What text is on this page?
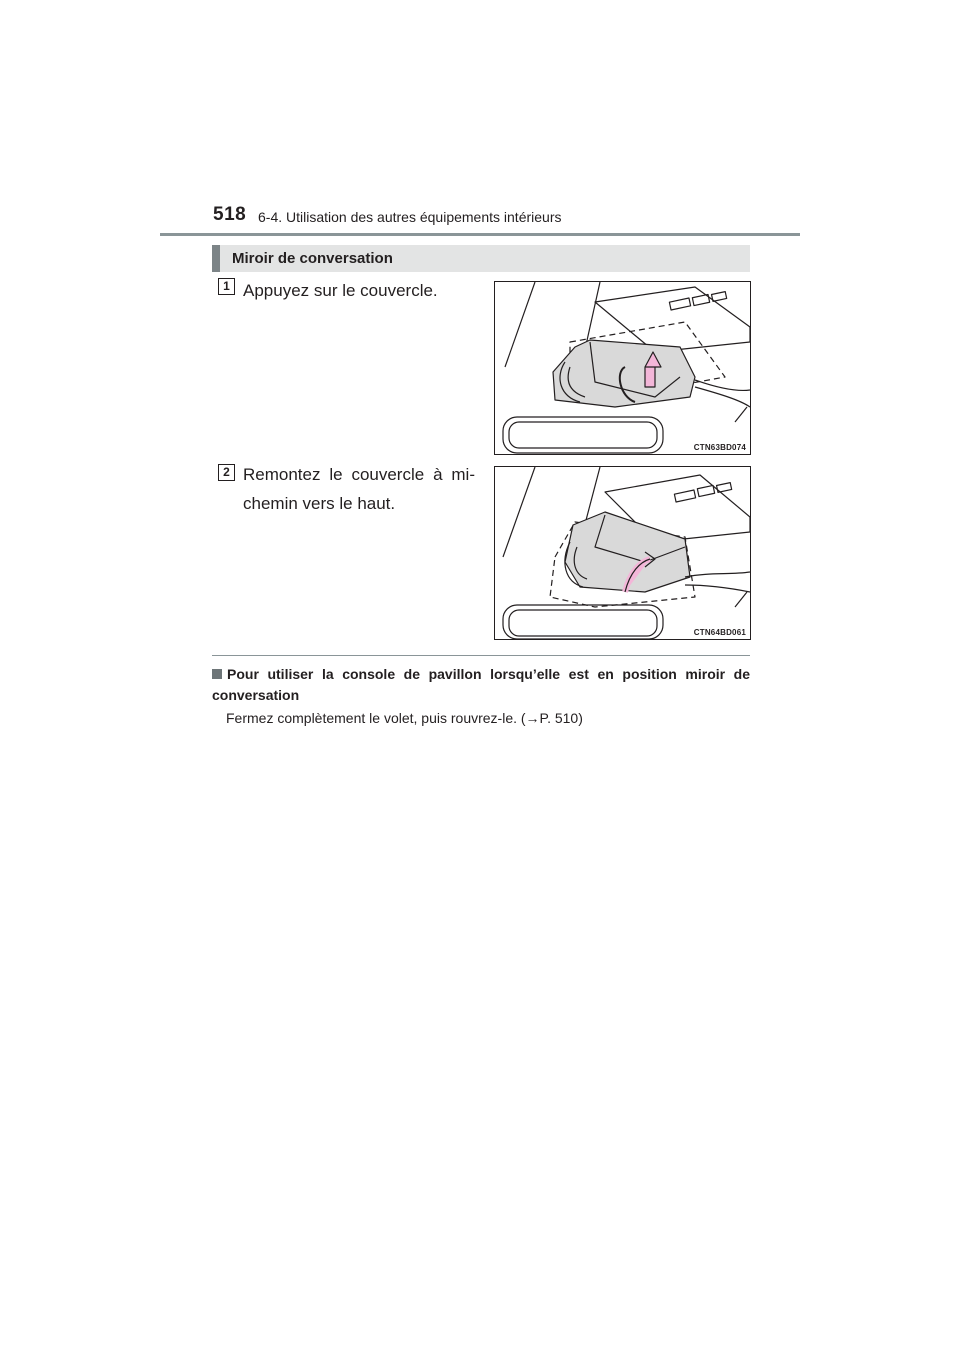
518 6-4. Utilisation des autres équipements intérieurs
Miroir de conversation
1 Appuyez sur le couvercle.
CTN63BD074
2 Remontez le couvercle à mi-chemin vers le haut.
CTN64BD061
Pour utiliser la console de pavillon lorsqu’elle est en position miroir de conversation
Fermez complètement le volet, puis rouvrez-le. (→P. 510)
